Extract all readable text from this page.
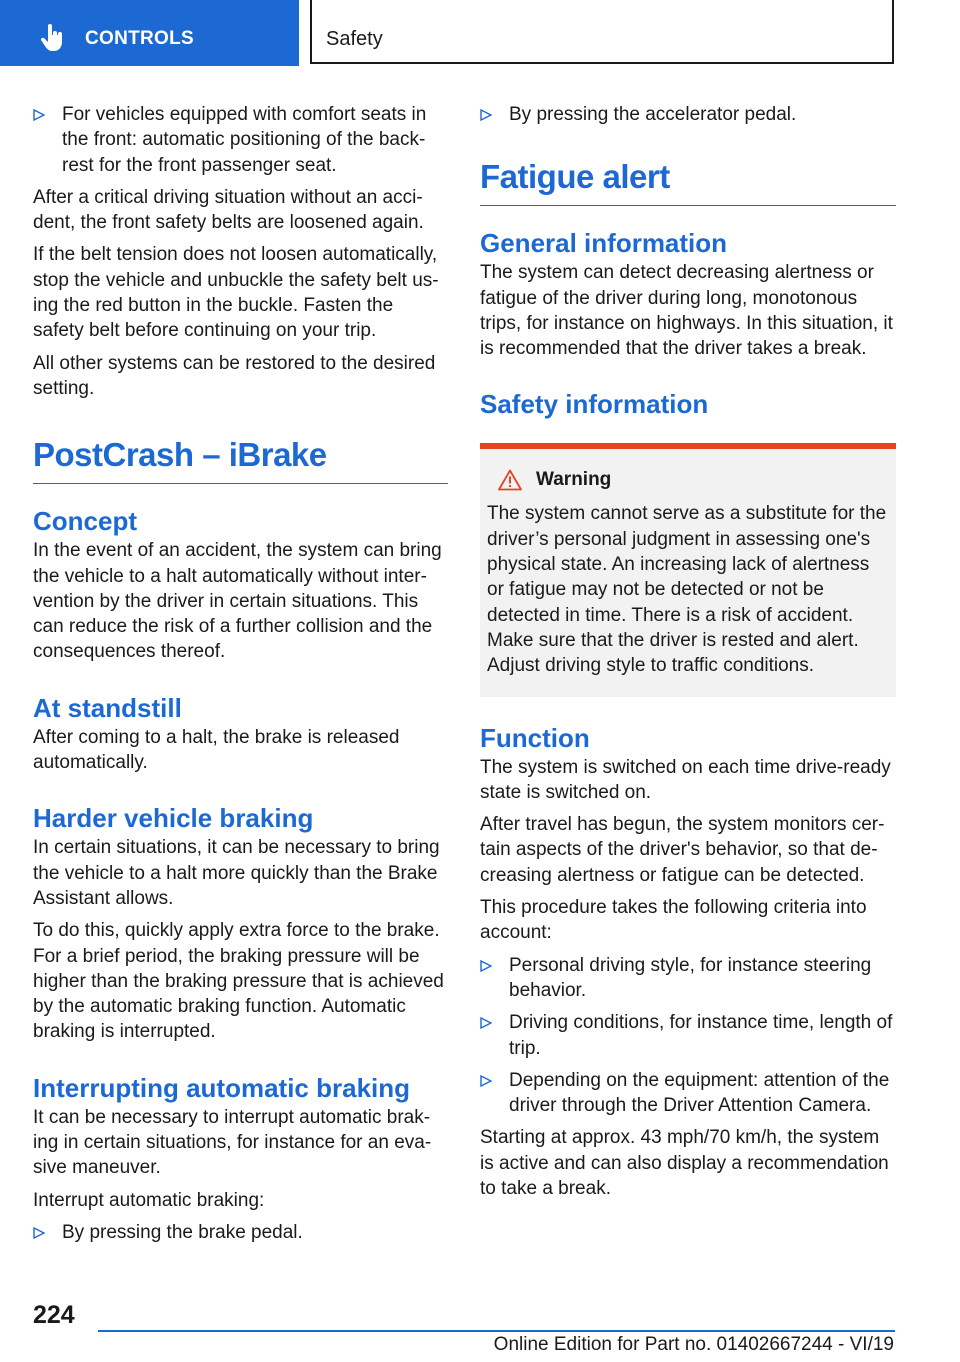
CONTROLS	Safety
For vehicles equipped with comfort seats in the front: automatic positioning of the backrest for the front passenger seat.

After a critical driving situation without an accident, the front safety belts are loosened again.

If the belt tension does not loosen automatically, stop the vehicle and unbuckle the safety belt using the red button in the buckle. Fasten the safety belt before continuing on your trip.

All other systems can be restored to the desired setting.

PostCrash – iBrake
Concept

In the event of an accident, the system can bring the vehicle to a halt automatically without intervention by the driver in certain situations. This can reduce the risk of a further collision and the consequences thereof.

At standstill

After coming to a halt, the brake is released automatically.

Harder vehicle braking

In certain situations, it can be necessary to bring the vehicle to a halt more quickly than the Brake Assistant allows.

To do this, quickly apply extra force to the brake. For a brief period, the braking pressure will be higher than the braking pressure that is achieved by the automatic braking function. Automatic braking is interrupted.

Interrupting automatic braking

It can be necessary to interrupt automatic braking in certain situations, for instance for an evasive maneuver.

Interrupt automatic braking:

By pressing the brake pedal.
By pressing the accelerator pedal.
Fatigue alert
General information

The system can detect decreasing alertness or fatigue of the driver during long, monotonous trips, for instance on highways. In this situation, it is recommended that the driver takes a break.

Safety information
Warning

The system cannot serve as a substitute for the driver’s personal judgment in assessing one's physical state. An increasing lack of alertness or fatigue may not be detected or not be detected in time. There is a risk of accident. Make sure that the driver is rested and alert. Adjust driving style to traffic conditions.

Function

The system is switched on each time drive-ready state is switched on.

After travel has begun, the system monitors certain aspects of the driver's behavior, so that decreasing alertness or fatigue can be detected.

This procedure takes the following criteria into account:

Personal driving style, for instance steering behavior.
Driving conditions, for instance time, length of trip.
Depending on the equipment: attention of the driver through the Driver Attention Camera.

Starting at approx. 43 mph/70 km/h, the system is active and can also display a recommendation to take a break.

224
Online Edition for Part no. 01402667244 - VI/19
